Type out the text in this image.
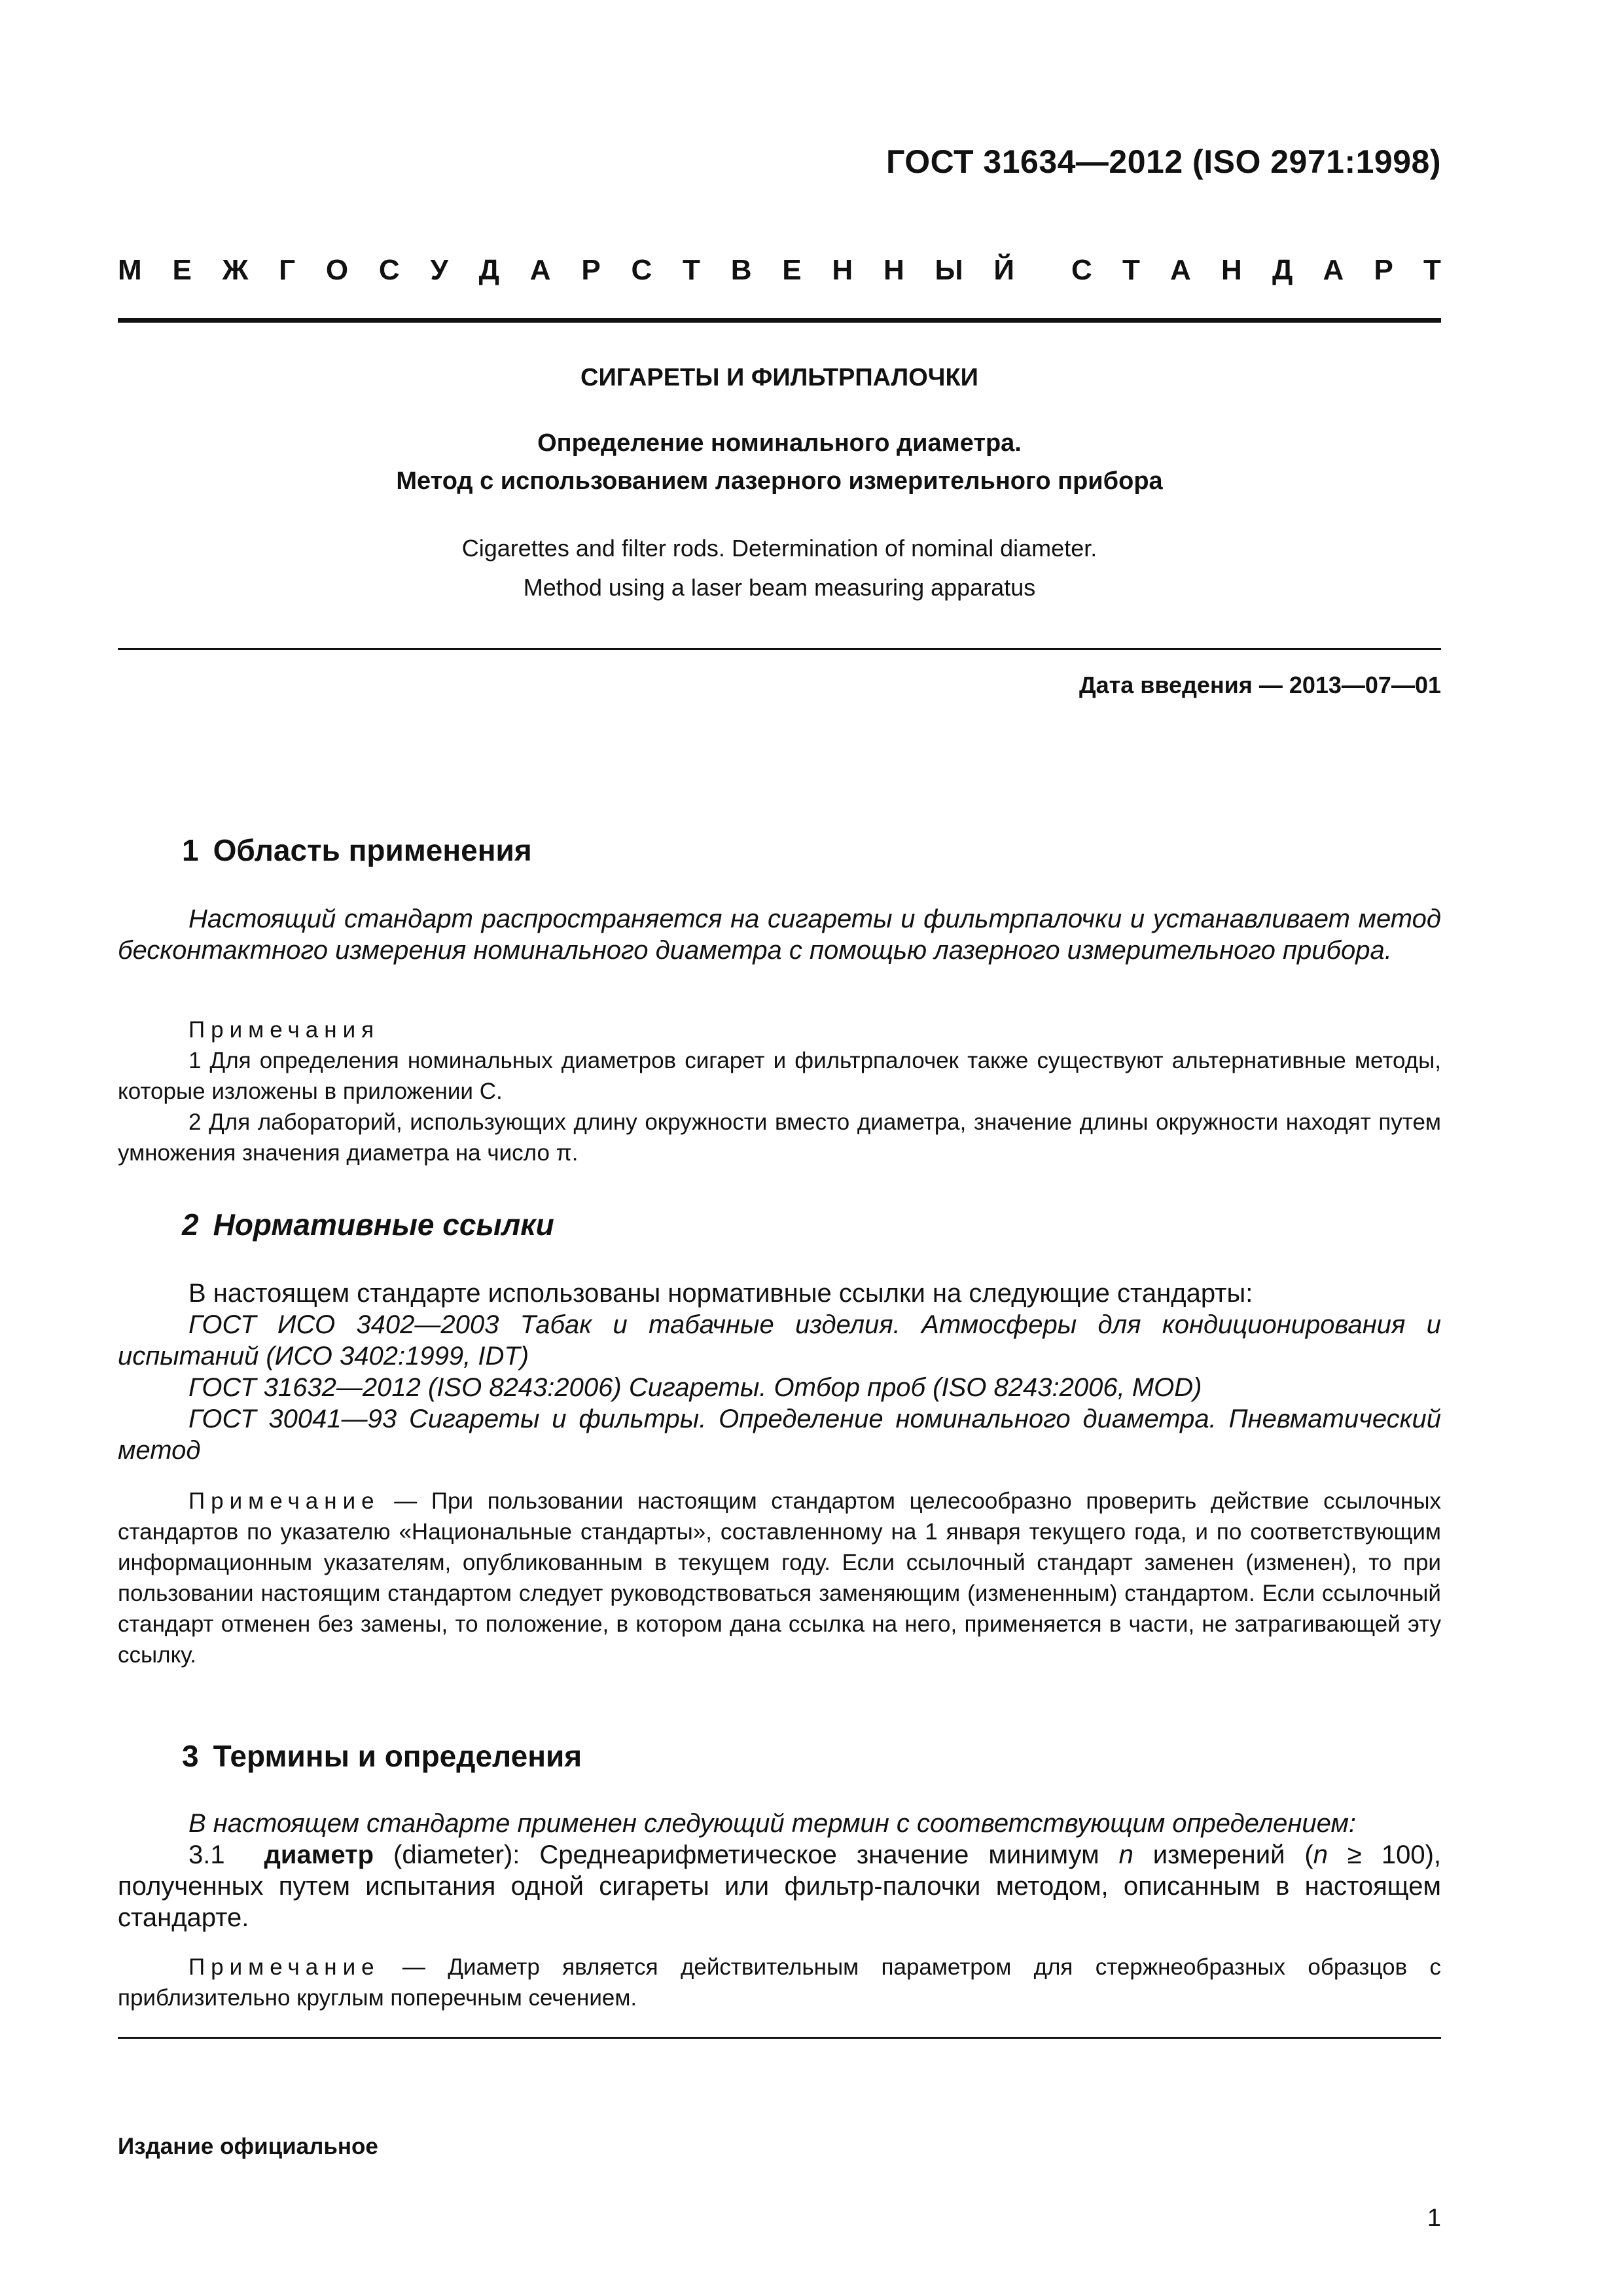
ГОСТ 31634—2012 (ISO 2971:1998)
М Е Ж Г О С У Д А Р С Т В Е Н Н Ы Й С Т А Н Д А Р Т
СИГАРЕТЫ И ФИЛЬТРПАЛОЧКИ
Определение номинального диаметра.
Метод с использованием лазерного измерительного прибора
Cigarettes and filter rods. Determination of nominal diameter.
Method using a laser beam measuring apparatus
Дата введения — 2013—07—01
1 Область применения
Настоящий стандарт распространяется на сигареты и фильтрпалочки и устанавливает метод бесконтактного измерения номинального диаметра с помощью лазерного измерительного прибора.
Примечания
1 Для определения номинальных диаметров сигарет и фильтрпалочек также существуют альтернативные методы, которые изложены в приложении С.
2 Для лабораторий, использующих длину окружности вместо диаметра, значение длины окружности находят путем умножения значения диаметра на число π.
2 Нормативные ссылки
В настоящем стандарте использованы нормативные ссылки на следующие стандарты:
ГОСТ ИСО 3402—2003 Табак и табачные изделия. Атмосферы для кондиционирования и испытаний (ИСО 3402:1999, IDT)
ГОСТ 31632—2012 (ISO 8243:2006) Сигареты. Отбор проб (ISO 8243:2006, MOD)
ГОСТ 30041—93 Сигареты и фильтры. Определение номинального диаметра. Пневматический метод
Примечание — При пользовании настоящим стандартом целесообразно проверить действие ссылочных стандартов по указателю «Национальные стандарты», составленному на 1 января текущего года, и по соответствующим информационным указателям, опубликованным в текущем году. Если ссылочный стандарт заменен (изменен), то при пользовании настоящим стандартом следует руководствоваться заменяющим (измененным) стандартом. Если ссылочный стандарт отменен без замены, то положение, в котором дана ссылка на него, применяется в части, не затрагивающей эту ссылку.
3 Термины и определения
В настоящем стандарте применен следующий термин с соответствующим определением:
3.1 диаметр (diameter): Среднеарифметическое значение минимум n измерений (n ≥ 100), полученных путем испытания одной сигареты или фильтр-палочки методом, описанным в настоящем стандарте.
Примечание — Диаметр является действительным параметром для стержнеобразных образцов с приблизительно круглым поперечным сечением.
Издание официальное
1
